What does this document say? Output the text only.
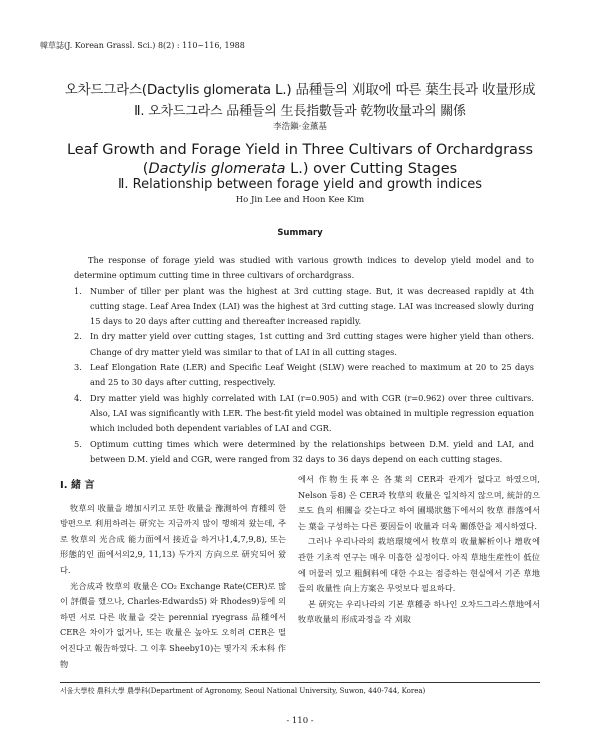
韓草誌(J. Korean Grassl. Sci.) 8(2) : 110~116, 1988
오차드그라스(Dactylis glomerata L.) 品種들의 刈取에 따른 葉生長과 收量形成
Ⅱ. 오차드그라스 品種들의 生長指數들과 乾物收量과의 關係
李浩鎭·金薰基
Leaf Growth and Forage Yield in Three Cultivars of Orchardgrass
(Dactylis glomerata L.) over Cutting Stages
Ⅱ. Relationship between forage yield and growth indices
Ho Jin Lee and Hoon Kee Kim
Summary

The response of forage yield was studied with various growth indices to develop yield model and to determine optimum cutting time in three cultivars of orchardgrass.

1. Number of tiller per plant was the highest at 3rd cutting stage. But, it was decreased rapidly at 4th cutting stage. Leaf Area Index (LAI) was the highest at 3rd cutting stage. LAI was increased slowly during 15 days to 20 days after cutting and thereafter increased rapidly.
2. In dry matter yield over cutting stages, 1st cutting and 3rd cutting stages were higher yield than others. Change of dry matter yield was similar to that of LAI in all cutting stages.
3. Leaf Elongation Rate (LER) and Specific Leaf Weight (SLW) were reached to maximum at 20 to 25 days and 25 to 30 days after cutting, respectively.
4. Dry matter yield was highly correlated with LAI (r=0.905) and with CGR (r=0.962) over three cultivars. Also, LAI was significantly with LER. The best-fit yield model was obtained in multiple regression equation which included both dependent variables of LAI and CGR.
5. Optimum cutting times which were determined by the relationships between D.M. yield and LAI, and between D.M. yield and CGR, were ranged from 32 days to 36 days depend on each cutting stages.
Ⅰ. 緒 言

牧草의 收量을 增加시키고 또한 收量을 豫測하여 育種의 한 방편으로 利用하려는 研究는 지금까지 많이 행해져 왔는데, 주로 牧草의 光合成 能力面에서 接近을 하거나1,4,7,9,8), 또는 形態的인 面에서의2,9, 11,13) 두가지 方向으로 研究되어 왔다.

光合成과 牧草의 收量은 CO₂ Exchange Rate(CER)로 많이 評價를 했으나, Charles-Edwards5) 와 Rhodes9)등에 의하면 서로 다른 收量을 갖는 perennial ryegrass 品種에서 CER은 차이가 없거나, 또는 收量은 높아도 오히려 CER은 떨어진다고 報告하였다. 그 이후 Sheeby10)는 몇가지 禾本科 作物

에서 作物生長率은 各葉의 CER과 관계가 없다고 하였으며, Nelson 등8) 은 CER과 牧草의 收量은 일치하지 않으며, 統計的으로도 負의 相關을 갖는다고 하여 圃場狀態下에서의 牧草 群落에서는 葉을 구성하는 다른 要因들이 收量과 더욱 關係한을 제시하였다.

그러나 우리나라의 栽培環境에서 牧草의 收量解析이나 增收에 관한 기초적 연구는 매우 미흡한 실정이다. 아직 草地生産性이 低位에 머물러 있고 粗飼料에 대한 수요는 점증하는 현실에서 기존 草地들의 收量性 向上方案은 무엇보다 필요하다.

본 研究는 우리나라의 기본 草種중 하나인 오차드그라스草地에서 牧草收量의 形成과정을 각 刈取

서울大學校 農科大學 農學科(Department of Agronomy, Seoul National University, Suwon, 440-744, Korea)
- 110 -
